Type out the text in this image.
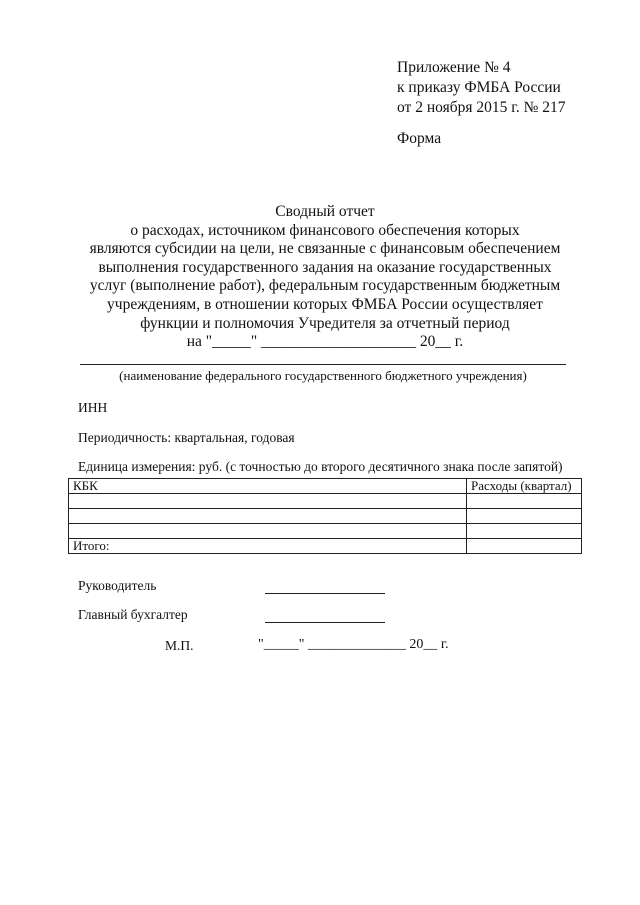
Приложение № 4
к приказу ФМБА России
от 2 ноября 2015 г. № 217
Форма
Сводный отчет
о расходах, источником финансового обеспечения которых
являются субсидии на цели, не связанные с финансовым обеспечением
выполнения государственного задания на оказание государственных
услуг (выполнение работ), федеральным государственным бюджетным
учреждениям, в отношении которых ФМБА России осуществляет
функции и полномочия Учредителя за отчетный период
на "_____" ____________________ 20__ г.
(наименование федерального государственного бюджетного учреждения)
ИНН
Периодичность: квартальная, годовая
Единица измерения: руб. (с точностью до второго десятичного знака после запятой)
КБК	Расходы (квартал)

Итого:	
Руководитель
Главный бухгалтер
М.П.	"_____" ______________ 20__ г.
